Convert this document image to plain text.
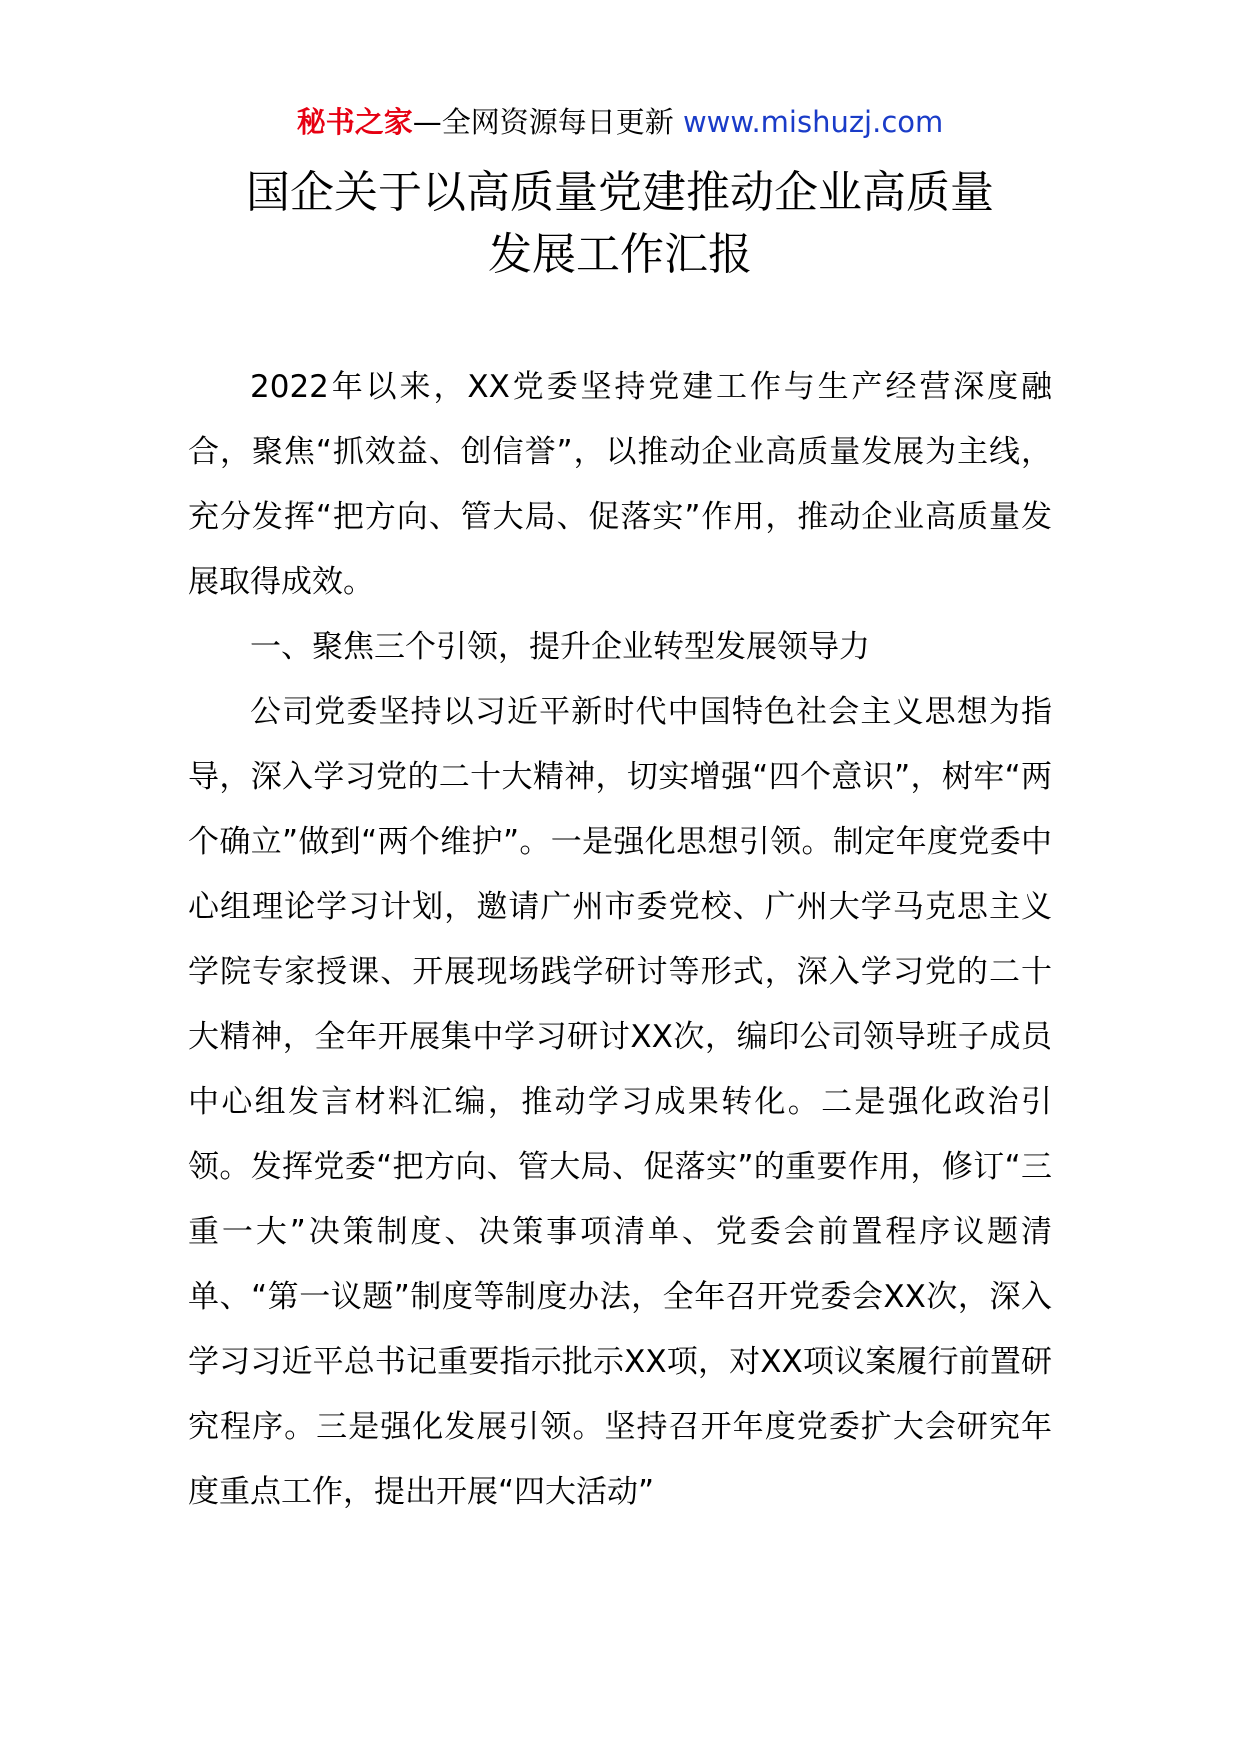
秘书之家—全网资源每日更新 www.mishuzj.com
国企关于以高质量党建推动企业高质量
发展工作汇报

2022年以来，XX党委坚持党建工作与生产经营深度融合，聚焦“抓效益、创信誉”，以推动企业高质量发展为主线，充分发挥“把方向、管大局、促落实”作用，推动企业高质量发展取得成效。

一、聚焦三个引领，提升企业转型发展领导力

公司党委坚持以习近平新时代中国特色社会主义思想为指导，深入学习党的二十大精神，切实增强“四个意识”，树牢“两个确立”做到“两个维护”。一是强化思想引领。制定年度党委中心组理论学习计划，邀请广州市委党校、广州大学马克思主义学院专家授课、开展现场践学研讨等形式，深入学习党的二十大精神，全年开展集中学习研讨XX次，编印公司领导班子成员中心组发言材料汇编，推动学习成果转化。二是强化政治引领。发挥党委“把方向、管大局、促落实”的重要作用，修订“三重一大”决策制度、决策事项清单、党委会前置程序议题清单、“第一议题”制度等制度办法，全年召开党委会XX次，深入学习习近平总书记重要指示批示XX项，对XX项议案履行前置研究程序。三是强化发展引领。坚持召开年度党委扩大会研究年度重点工作，提出开展“四大活动”
